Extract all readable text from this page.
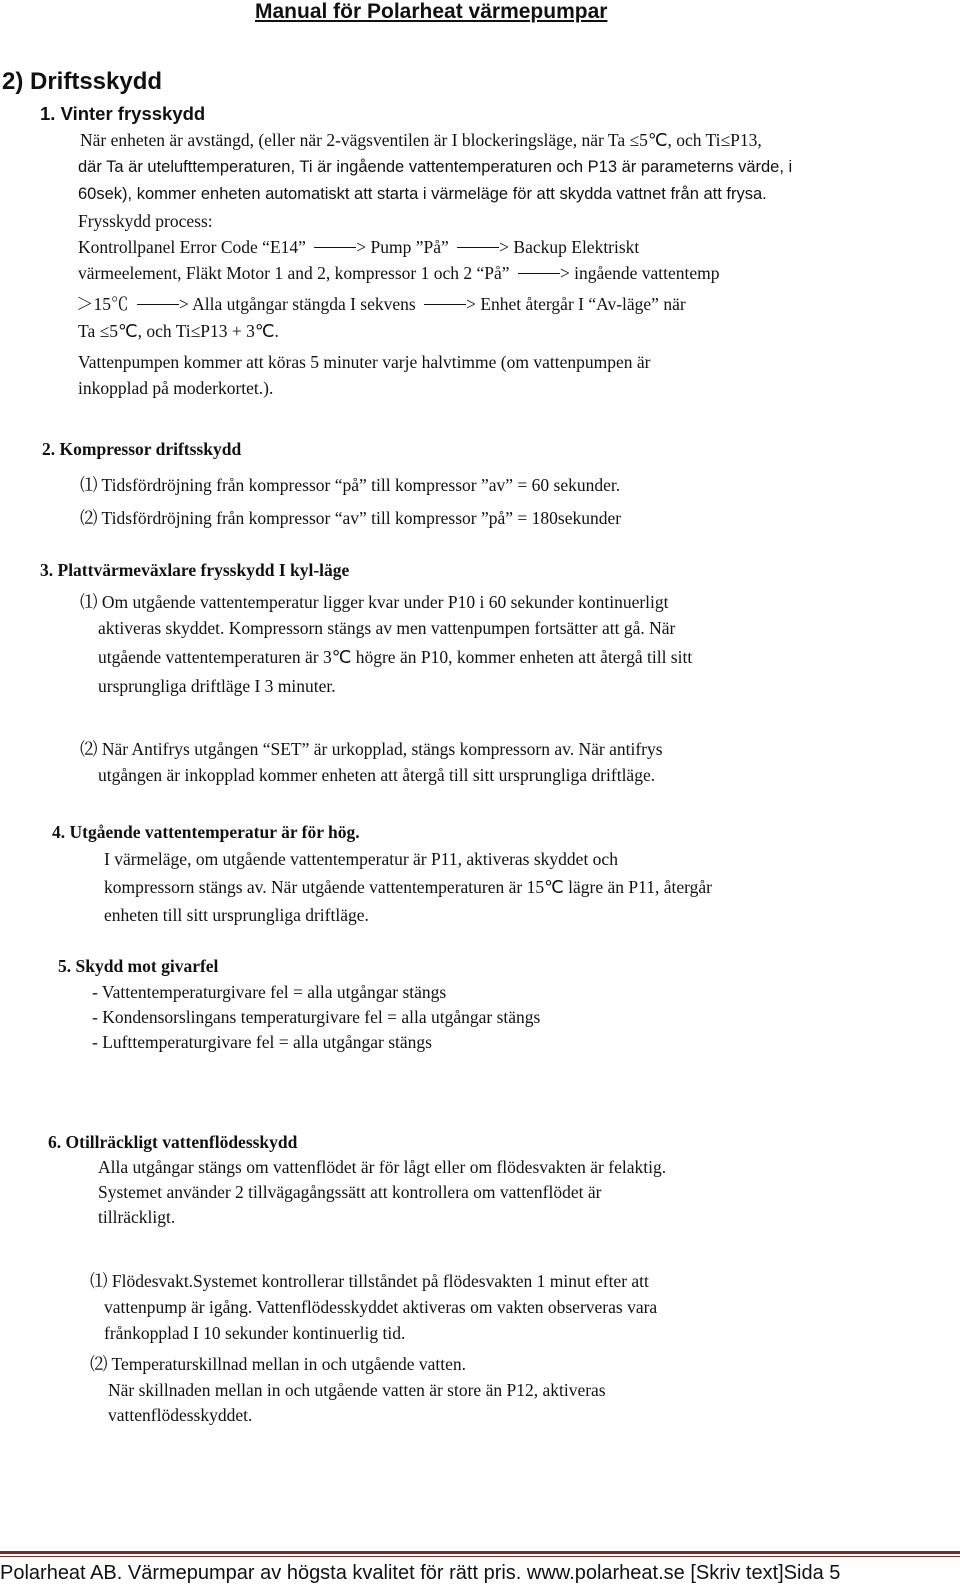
Manual för Polarheat värmepumpar
2) Driftsskydd
1. Vinter frysskydd
När enheten är avstängd, (eller när 2-vägsventilen är I blockeringsläge, när Ta ≤5℃, och Ti≤P13,
där Ta är utelufttemperaturen, Ti är ingående vattentemperaturen och P13 är parameterns värde, i
60sek), kommer enheten automatiskt att starta i värmeläge för att skydda vattnet från att frysa.
Frysskydd process:
Kontrollpanel Error Code “E14”	> Pump ”På”	> Backup Elektriskt
värmeelement, Fläkt Motor 1 and 2, kompressor 1 och 2 “På”	> ingående vattentemp
＞15℃	> Alla utgångar stängda I sekvens	> Enhet återgår I “Av-läge” när
Ta ≤5℃, och Ti≤P13 + 3℃.
Vattenpumpen kommer att köras 5 minuter varje halvtimme (om vattenpumpen är
inkopplad på moderkortet.).
2. Kompressor driftsskydd
⑴ Tidsfördröjning från kompressor “på” till kompressor ”av” = 60 sekunder.
⑵ Tidsfördröjning från kompressor “av” till kompressor ”på” = 180sekunder
3. Plattvärmeväxlare frysskydd I kyl-läge
⑴ Om utgående vattentemperatur ligger kvar under P10 i 60 sekunder kontinuerligt
aktiveras skyddet. Kompressorn stängs av men vattenpumpen fortsätter att gå. När
utgående vattentemperaturen är 3℃ högre än P10, kommer enheten att återgå till sitt
ursprungliga driftläge I 3 minuter.
⑵ När Antifrys utgången “SET” är urkopplad, stängs kompressorn av. När antifrys
utgången är inkopplad kommer enheten att återgå till sitt ursprungliga driftläge.
4. Utgående vattentemperatur är för hög.
I värmeläge, om utgående vattentemperatur är P11, aktiveras skyddet och
kompressorn stängs av. När utgående vattentemperaturen är 15℃ lägre än P11, återgår
enheten till sitt ursprungliga driftläge.
5. Skydd mot givarfel
- Vattentemperaturgivare fel = alla utgångar stängs
- Kondensorslingans temperaturgivare fel = alla utgångar stängs
- Lufttemperaturgivare fel = alla utgångar stängs
6. Otillräckligt vattenflödesskydd
Alla utgångar stängs om vattenflödet är för lågt eller om flödesvakten är felaktig.
Systemet använder 2 tillvägagångssätt att kontrollera om vattenflödet är
tillräckligt.
⑴ Flödesvakt.Systemet kontrollerar tillståndet på flödesvakten 1 minut efter att
vattenpump är igång. Vattenflödesskyddet aktiveras om vakten observeras vara
frånkopplad I 10 sekunder kontinuerlig tid.
⑵ Temperaturskillnad mellan in och utgående vatten.
När skillnaden mellan in och utgående vatten är store än P12, aktiveras
vattenflödesskyddet.
Polarheat AB. Värmepumpar av högsta kvalitet för rätt pris. www.polarheat.se [Skriv text]Sida 5
